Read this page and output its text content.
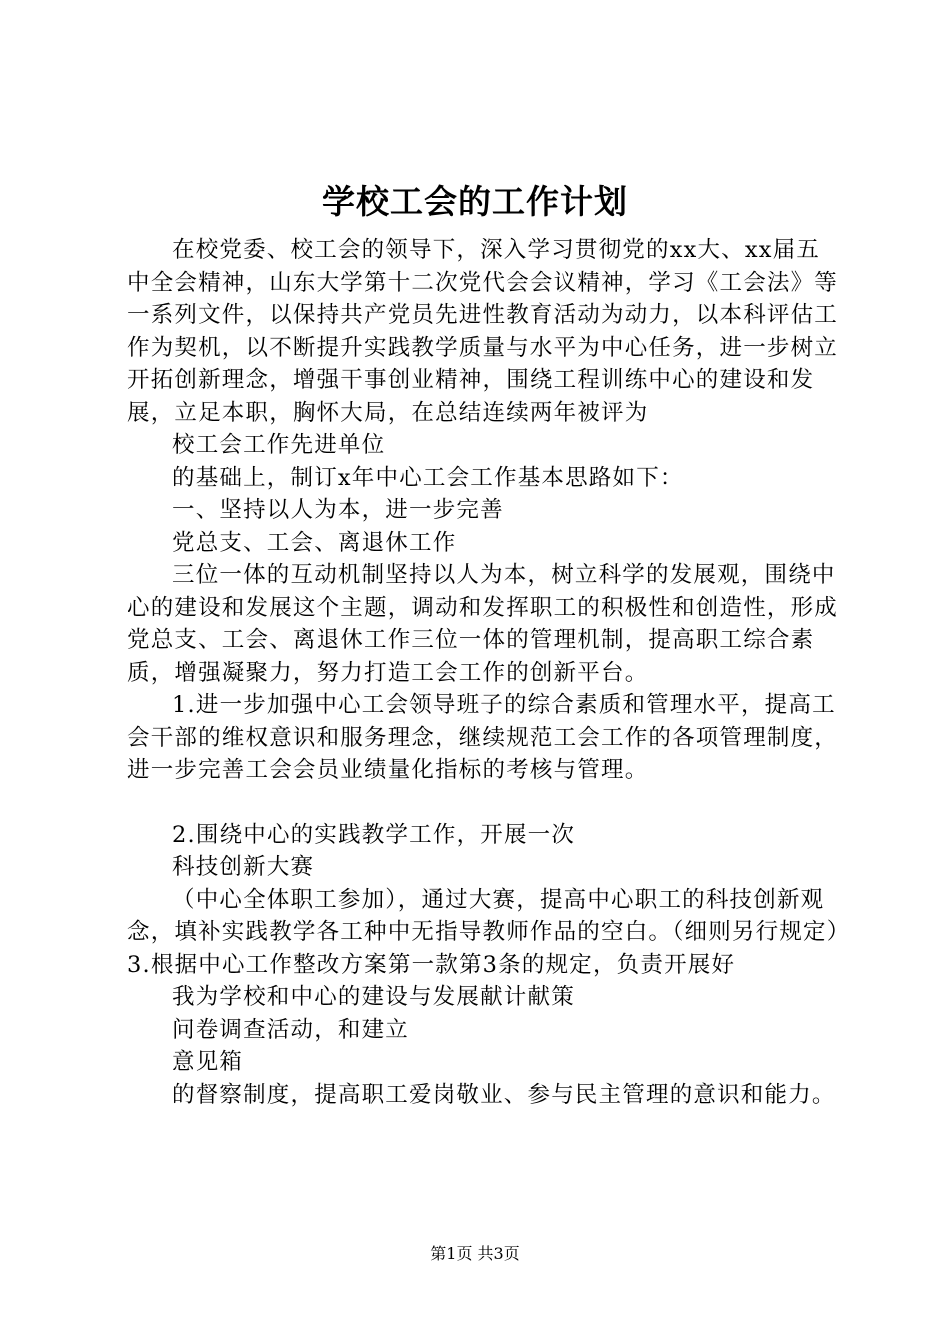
学校工会的工作计划

在校党委、校工会的领导下，深入学习贯彻党的xx大、xx届五中全会精神，山东大学第十二次党代会会议精神，学习《工会法》等一系列文件，以保持共产党员先进性教育活动为动力，以本科评估工作为契机，以不断提升实践教学质量与水平为中心任务，进一步树立开拓创新理念，增强干事创业精神，围绕工程训练中心的建设和发展，立足本职，胸怀大局，在总结连续两年被评为

校工会工作先进单位

的基础上，制订x年中心工会工作基本思路如下：

一、坚持以人为本，进一步完善

党总支、工会、离退休工作

三位一体的互动机制坚持以人为本，树立科学的发展观，围绕中心的建设和发展这个主题，调动和发挥职工的积极性和创造性，形成党总支、工会、离退休工作三位一体的管理机制，提高职工综合素质，增强凝聚力，努力打造工会工作的创新平台。

1.进一步加强中心工会领导班子的综合素质和管理水平，提高工会干部的维权意识和服务理念，继续规范工会工作的各项管理制度，进一步完善工会会员业绩量化指标的考核与管理。

2.围绕中心的实践教学工作，开展一次

科技创新大赛

（中心全体职工参加），通过大赛，提高中心职工的科技创新观念，填补实践教学各工种中无指导教师作品的空白。（细则另行规定）3.根据中心工作整改方案第一款第3条的规定，负责开展好

我为学校和中心的建设与发展献计献策

问卷调查活动，和建立

意见箱

的督察制度，提高职工爱岗敬业、参与民主管理的意识和能力。

第1页 共3页
